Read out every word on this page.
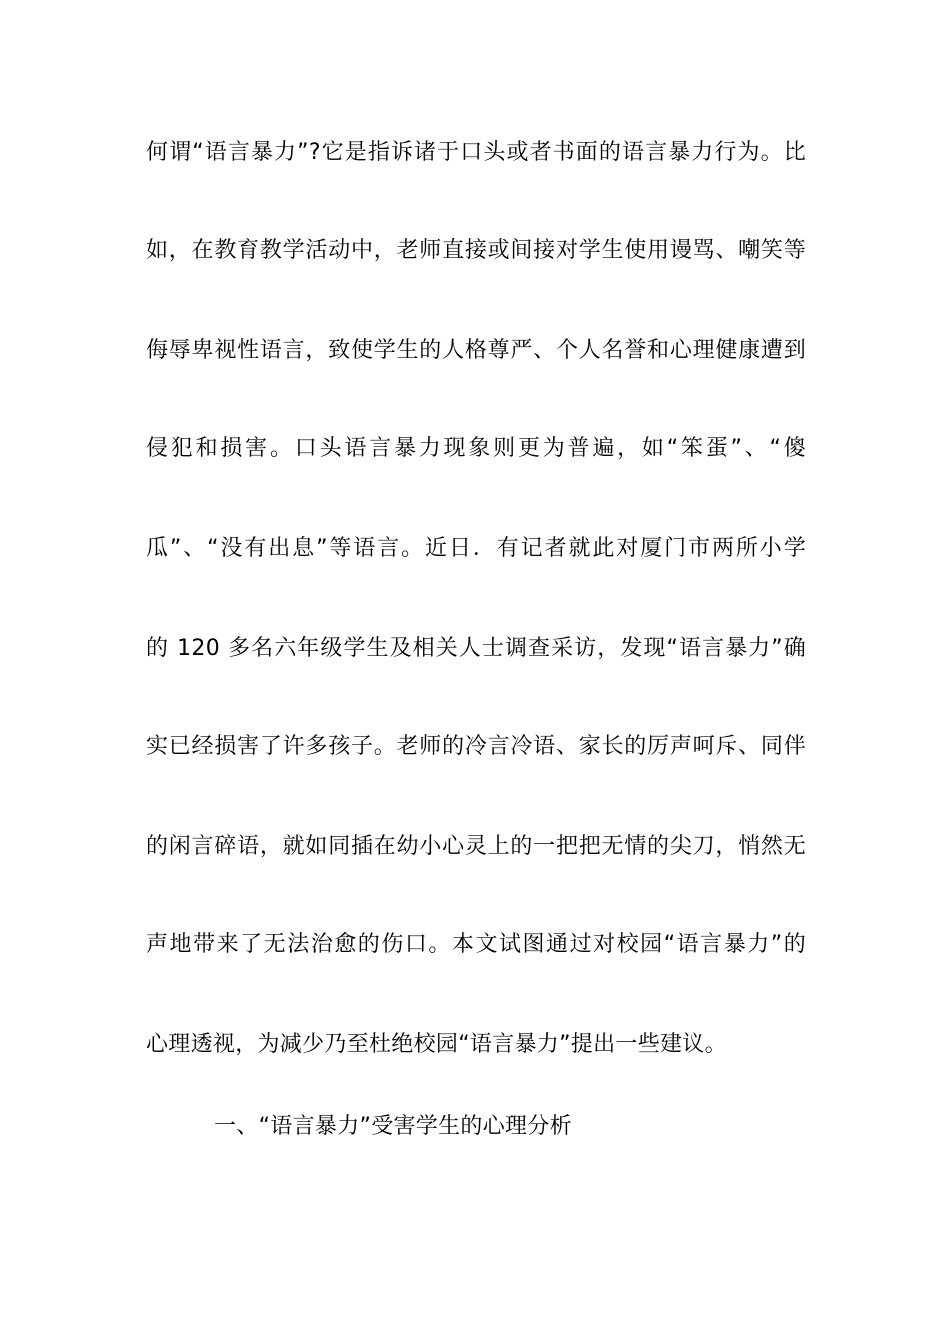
何谓“语言暴力”?它是指诉诸于口头或者书面的语言暴力行为。比
如，在教育教学活动中，老师直接或间接对学生使用谩骂、嘲笑等
侮辱卑视性语言，致使学生的人格尊严、个人名誉和心理健康遭到
侵犯和损害。口头语言暴力现象则更为普遍，如“笨蛋”、“傻
瓜”、“没有出息”等语言。近日．有记者就此对厦门市两所小学
的 120 多名六年级学生及相关人士调查采访，发现“语言暴力”确
实已经损害了许多孩子。老师的冷言冷语、家长的厉声呵斥、同伴
的闲言碎语，就如同插在幼小心灵上的一把把无情的尖刀，悄然无
声地带来了无法治愈的伤口。本文试图通过对校园“语言暴力”的
心理透视，为减少乃至杜绝校园“语言暴力”提出一些建议。
一、“语言暴力”受害学生的心理分析
